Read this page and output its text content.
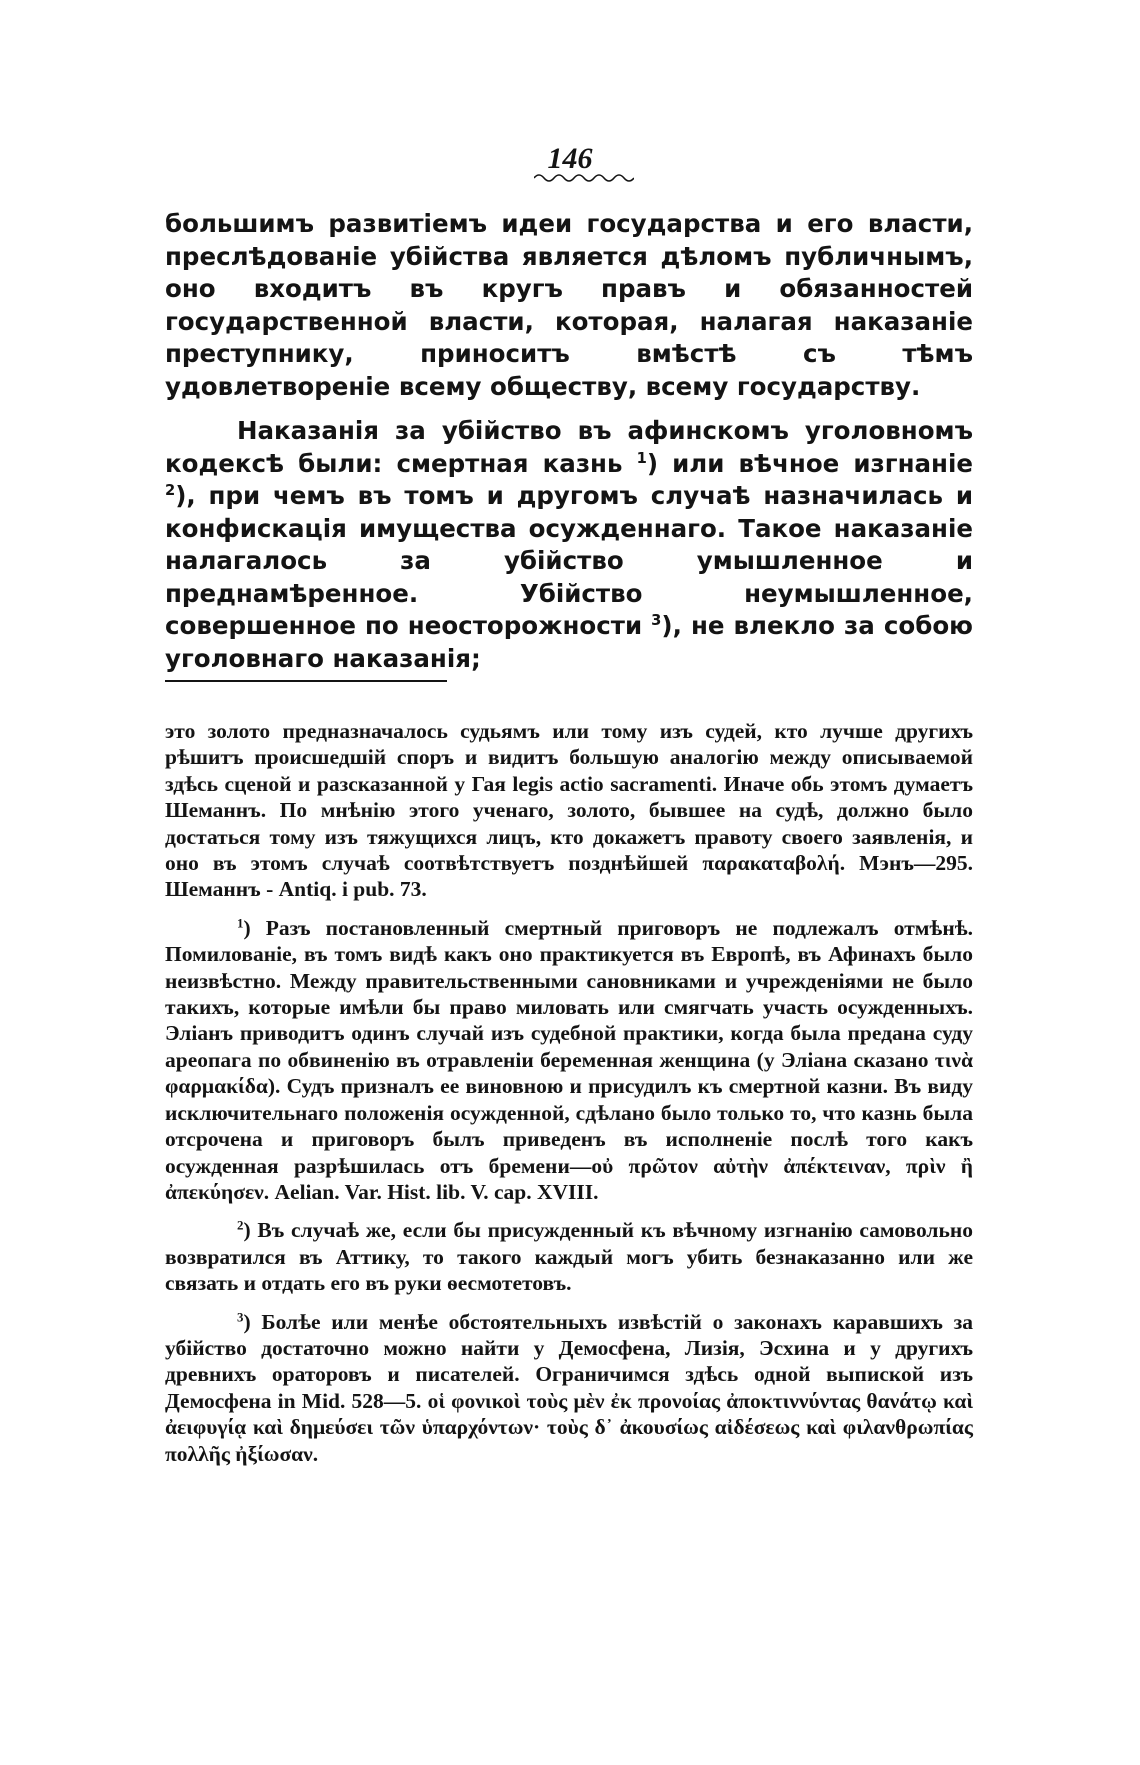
146

большимъ развитіемъ идеи государства и его власти, преслѣдованіе убійства является дѣломъ публичнымъ, оно входитъ въ кругъ правъ и обязанностей государственной власти, которая, налагая наказаніе преступнику, приноситъ вмѣстѣ съ тѣмъ удовлетвореніе всему обществу, всему государству.

Наказанія за убійство въ афинскомъ уголовномъ кодексѣ были: смертная казнь $^1$) или вѣчное изгнаніе $^2$), при чемъ въ томъ и другомъ случаѣ назначилась и конфискація имущества осужденнаго. Такое наказаніе налагалось за убійство умышленное и преднамѣренное. Убійство неумышленное, совершенное по неосторожности $^3$), не влекло за собою уголовнаго наказанія;

это золото предназначалось судьямъ или тому изъ судей, кто лучше другихъ рѣшитъ происшедшій споръ и видитъ большую аналогію между описываемой здѣсь сценой и разсказанной у Гая legis actio sacramenti. Иначе обь этомъ думаетъ Шеманнъ. По мнѣнію этого ученаго, золото, бывшее на судѣ, должно было достаться тому изъ тяжущихся лицъ, кто докажетъ правоту своего заявленія, и оно въ этомъ случаѣ соотвѣтствуетъ позднѣйшей παρακαταβολή. Мэнъ—295. Шеманнъ - Antiq. i pub. 73.

$^1$) Разъ постановленный смертный приговоръ не подлежалъ отмѣнѣ. Помилованіе, въ томъ видѣ какъ оно практикуется въ Европѣ, въ Афинахъ было неизвѣстно. Между правительственными сановниками и учрежденіями не было такихъ, которые имѣли бы право миловать или смягчать участь осужденныхъ. Эліанъ приводитъ одинъ случай изъ судебной практики, когда была предана суду ареопага по обвиненію въ отравленіи беременная женщина (у Эліана сказано τινὰ φαρμακίδα). Судъ призналъ ее виновною и присудилъ къ смертной казни. Въ виду исключительнаго положенія осужденной, сдѣлано было только то, что казнь была отсрочена и приговоръ былъ приведенъ въ исполненіе послѣ того какъ осужденная разрѣшилась отъ бремени—οὐ πρῶτον αὐτὴν ἀπέκτειναν, πρὶν ἢ ἀπεκύησεν. Aelian. Var. Hist. lib. V. cap. XVIII.

$^2$) Въ случаѣ же, если бы присужденный къ вѣчному изгнанію самовольно возвратился въ Аттику, то такого каждый могъ убить безнаказанно или же связать и отдать его въ руки ѳесмотетовъ.

$^3$) Болѣе или менѣе обстоятельныхъ извѣстій о законахъ каравшихъ за убійство достаточно можно найти у Демосфена, Лизія, Эсхина и у другихъ древнихъ ораторовъ и писателей. Ограничимся здѣсь одной выпиской изъ Демосфена in Mid. 528—5. οἱ φονικοὶ τοὺς μὲν ἐκ προνοίας ἀποκτιννύντας θανάτῳ καὶ ἀειφυγίᾳ καὶ δημεύσει τῶν ὑπαρχόντων· τοὺς δ᾽ ἀκουσίως αἰδέσεως καὶ φιλανθρωπίας πολλῆς ἠξίωσαν.
